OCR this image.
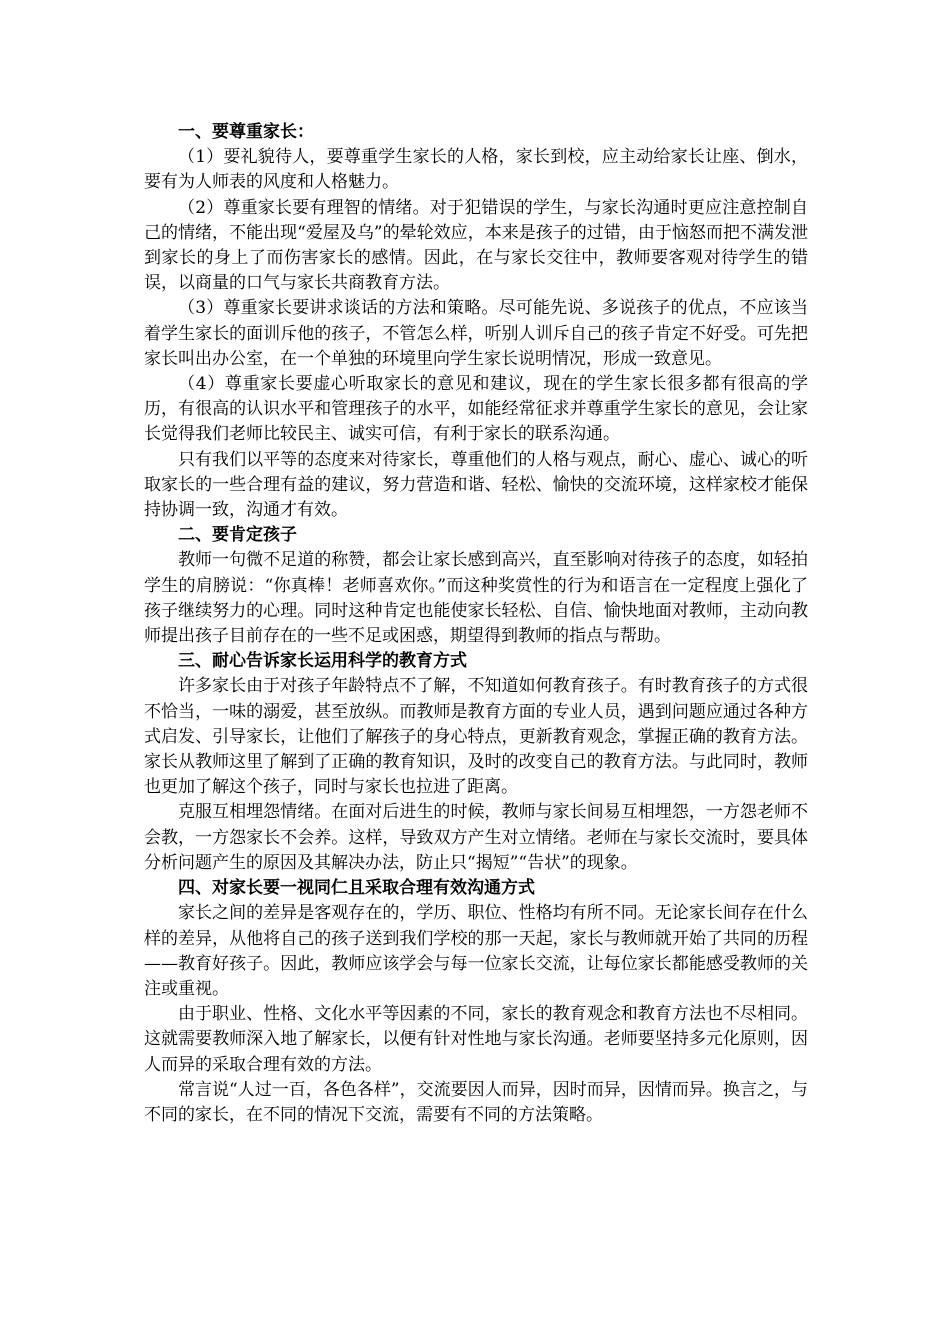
一、要尊重家长：

（1）要礼貌待人，要尊重学生家长的人格，家长到校，应主动给家长让座、倒水，要有为人师表的风度和人格魅力。

（2）尊重家长要有理智的情绪。对于犯错误的学生，与家长沟通时更应注意控制自己的情绪，不能出现“爱屋及乌”的晕轮效应，本来是孩子的过错，由于恼怒而把不满发泄到家长的身上了而伤害家长的感情。因此，在与家长交往中，教师要客观对待学生的错误，以商量的口气与家长共商教育方法。

（3）尊重家长要讲求谈话的方法和策略。尽可能先说、多说孩子的优点，不应该当着学生家长的面训斥他的孩子，不管怎么样，听别人训斥自己的孩子肯定不好受。可先把家长叫出办公室，在一个单独的环境里向学生家长说明情况，形成一致意见。

（4）尊重家长要虚心听取家长的意见和建议，现在的学生家长很多都有很高的学历，有很高的认识水平和管理孩子的水平，如能经常征求并尊重学生家长的意见，会让家长觉得我们老师比较民主、诚实可信，有利于家长的联系沟通。

只有我们以平等的态度来对待家长，尊重他们的人格与观点，耐心、虚心、诚心的听取家长的一些合理有益的建议，努力营造和谐、轻松、愉快的交流环境，这样家校才能保持协调一致，沟通才有效。

二、要肯定孩子

教师一句微不足道的称赞，都会让家长感到高兴，直至影响对待孩子的态度，如轻拍学生的肩膀说：“你真棒！老师喜欢你。”而这种奖赏性的行为和语言在一定程度上强化了孩子继续努力的心理。同时这种肯定也能使家长轻松、自信、愉快地面对教师，主动向教师提出孩子目前存在的一些不足或困惑，期望得到教师的指点与帮助。

三、耐心告诉家长运用科学的教育方式

许多家长由于对孩子年龄特点不了解，不知道如何教育孩子。有时教育孩子的方式很不恰当，一味的溺爱，甚至放纵。而教师是教育方面的专业人员，遇到问题应通过各种方式启发、引导家长，让他们了解孩子的身心特点，更新教育观念，掌握正确的教育方法。家长从教师这里了解到了正确的教育知识，及时的改变自己的教育方法。与此同时，教师也更加了解这个孩子，同时与家长也拉进了距离。

克服互相埋怨情绪。在面对后进生的时候，教师与家长间易互相埋怨，一方怨老师不会教，一方怨家长不会养。这样，导致双方产生对立情绪。老师在与家长交流时，要具体分析问题产生的原因及其解决办法，防止只“揭短”“告状”的现象。

四、对家长要一视同仁且采取合理有效沟通方式

家长之间的差异是客观存在的，学历、职位、性格均有所不同。无论家长间存在什么样的差异，从他将自己的孩子送到我们学校的那一天起，家长与教师就开始了共同的历程——教育好孩子。因此，教师应该学会与每一位家长交流，让每位家长都能感受教师的关注或重视。

由于职业、性格、文化水平等因素的不同，家长的教育观念和教育方法也不尽相同。这就需要教师深入地了解家长，以便有针对性地与家长沟通。老师要坚持多元化原则，因人而异的采取合理有效的方法。

常言说“人过一百，各色各样”，交流要因人而异，因时而异，因情而异。换言之，与不同的家长，在不同的情况下交流，需要有不同的方法策略。
